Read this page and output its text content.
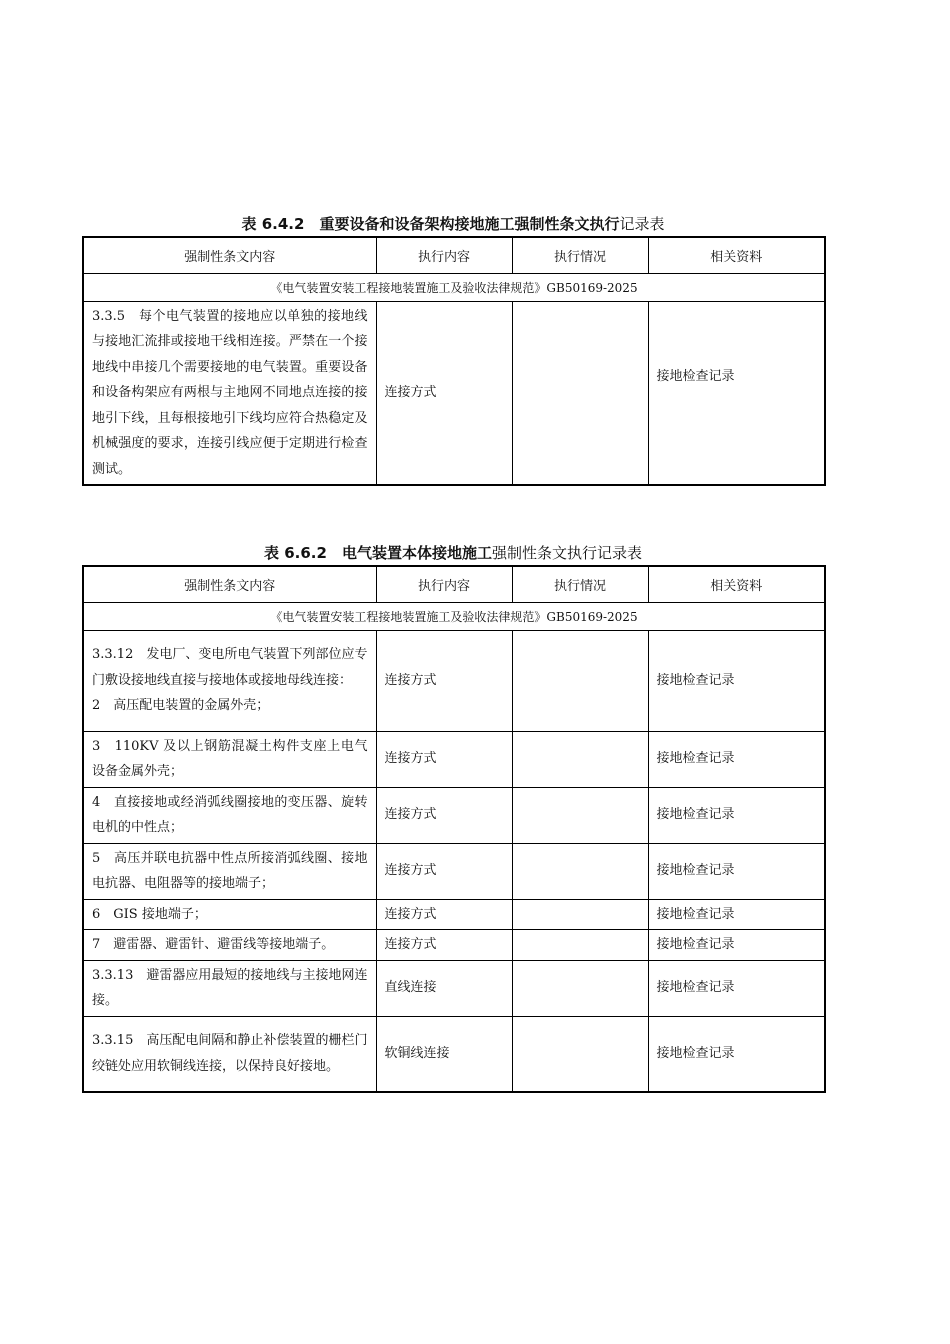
表 6.4.2　重要设备和设备架构接地施工强制性条文执行记录表
强制性条文内容	执行内容	执行情况	相关资料
《电气装置安装工程接地装置施工及验收法律规范》GB50169-2025			
3.3.5　每个电气装置的接地应以单独的接地线与接地汇流排或接地干线相连接。严禁在一个接地线中串接几个需要接地的电气装置。重要设备和设备构架应有两根与主地网不同地点连接的接地引下线，且每根接地引下线均应符合热稳定及机械强度的要求，连接引线应便于定期进行检查测试。	连接方式		接地检查记录
表 6.6.2　电气装置本体接地施工强制性条文执行记录表
强制性条文内容	执行内容	执行情况	相关资料
《电气装置安装工程接地装置施工及验收法律规范》GB50169-2025			
3.3.12　发电厂、变电所电气装置下列部位应专门敷设接地线直接与接地体或接地母线连接：
2　高压配电装置的金属外壳；	连接方式		接地检查记录
3　110KV 及以上钢筋混凝土构件支座上电气设备金属外壳；	连接方式		接地检查记录
4　直接接地或经消弧线圈接地的变压器、旋转电机的中性点；	连接方式		接地检查记录
5　高压并联电抗器中性点所接消弧线圈、接地电抗器、电阻器等的接地端子；	连接方式		接地检查记录
6　GIS 接地端子；	连接方式		接地检查记录
7　避雷器、避雷针、避雷线等接地端子。	连接方式		接地检查记录
3.3.13　避雷器应用最短的接地线与主接地网连接。	直线连接		接地检查记录
3.3.15　高压配电间隔和静止补偿装置的栅栏门绞链处应用软铜线连接，以保持良好接地。	软铜线连接		接地检查记录
